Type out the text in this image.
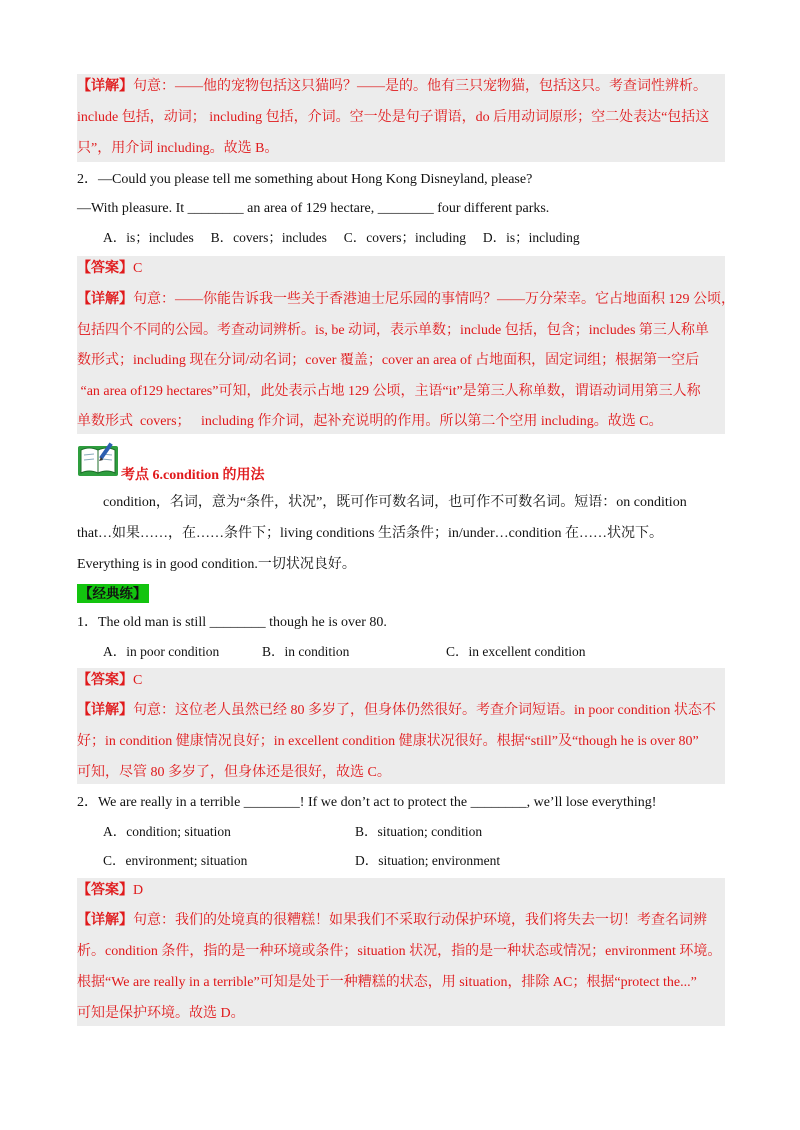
【详解】句意：——他的宠物包括这只猫吗？——是的。他有三只宠物猫，包括这只。考查词性辨析。
include 包括，动词； including 包括，介词。空一处是句子谓语，do 后用动词原形；空二处表达“包括这
只”，用介词 including。故选 B。
2．—Could you please tell me something about Hong Kong Disneyland, please?
—With pleasure. It ________ an area of 129 hectare, ________ four different parks.
A．is；includes     B．covers；includes     C．covers；including     D．is；including
【答案】C
【详解】句意：——你能告诉我一些关于香港迪士尼乐园的事情吗？——万分荣幸。它占地面积 129 公顷，
包括四个不同的公园。考查动词辨析。is, be 动词，表示单数；include 包括，包含；includes 第三人称单
数形式；including 现在分词/动名词；cover 覆盖；cover an area of 占地面积，固定词组；根据第一空后
“an area of129 hectares”可知，此处表示占地 129 公顷，主语“it”是第三人称单数，谓语动词用第三人称
单数形式  covers；   including 作介词，起补充说明的作用。所以第二个空用 including。故选 C。
考点 6.condition 的用法
condition，名词，意为“条件，状况”，既可作可数名词，也可作不可数名词。短语：on condition
that…如果……，在……条件下；living conditions 生活条件；in/under…condition 在……状况下。
Everything is in good condition.一切状况良好。
【经典练】
1．The old man is still ________ though he is over 80.
A．in poor condition	B．in condition	C．in excellent condition
【答案】C
【详解】句意：这位老人虽然已经 80 多岁了，但身体仍然很好。考查介词短语。in poor condition 状态不
好；in condition 健康情况良好；in excellent condition 健康状况很好。根据“still”及“though he is over 80”
可知，尽管 80 多岁了，但身体还是很好，故选 C。
2．We are really in a terrible ________! If we don’t act to protect the ________, we’ll lose everything!
A．condition; situation	B．situation; condition
C．environment; situation	D．situation; environment
【答案】D
【详解】句意：我们的处境真的很糟糕！如果我们不采取行动保护环境，我们将失去一切！考查名词辨
析。condition 条件，指的是一种环境或条件；situation 状况，指的是一种状态或情况；environment 环境。
根据“We are really in a terrible”可知是处于一种糟糕的状态，用 situation，排除 AC；根据“protect the...”
可知是保护环境。故选 D。
